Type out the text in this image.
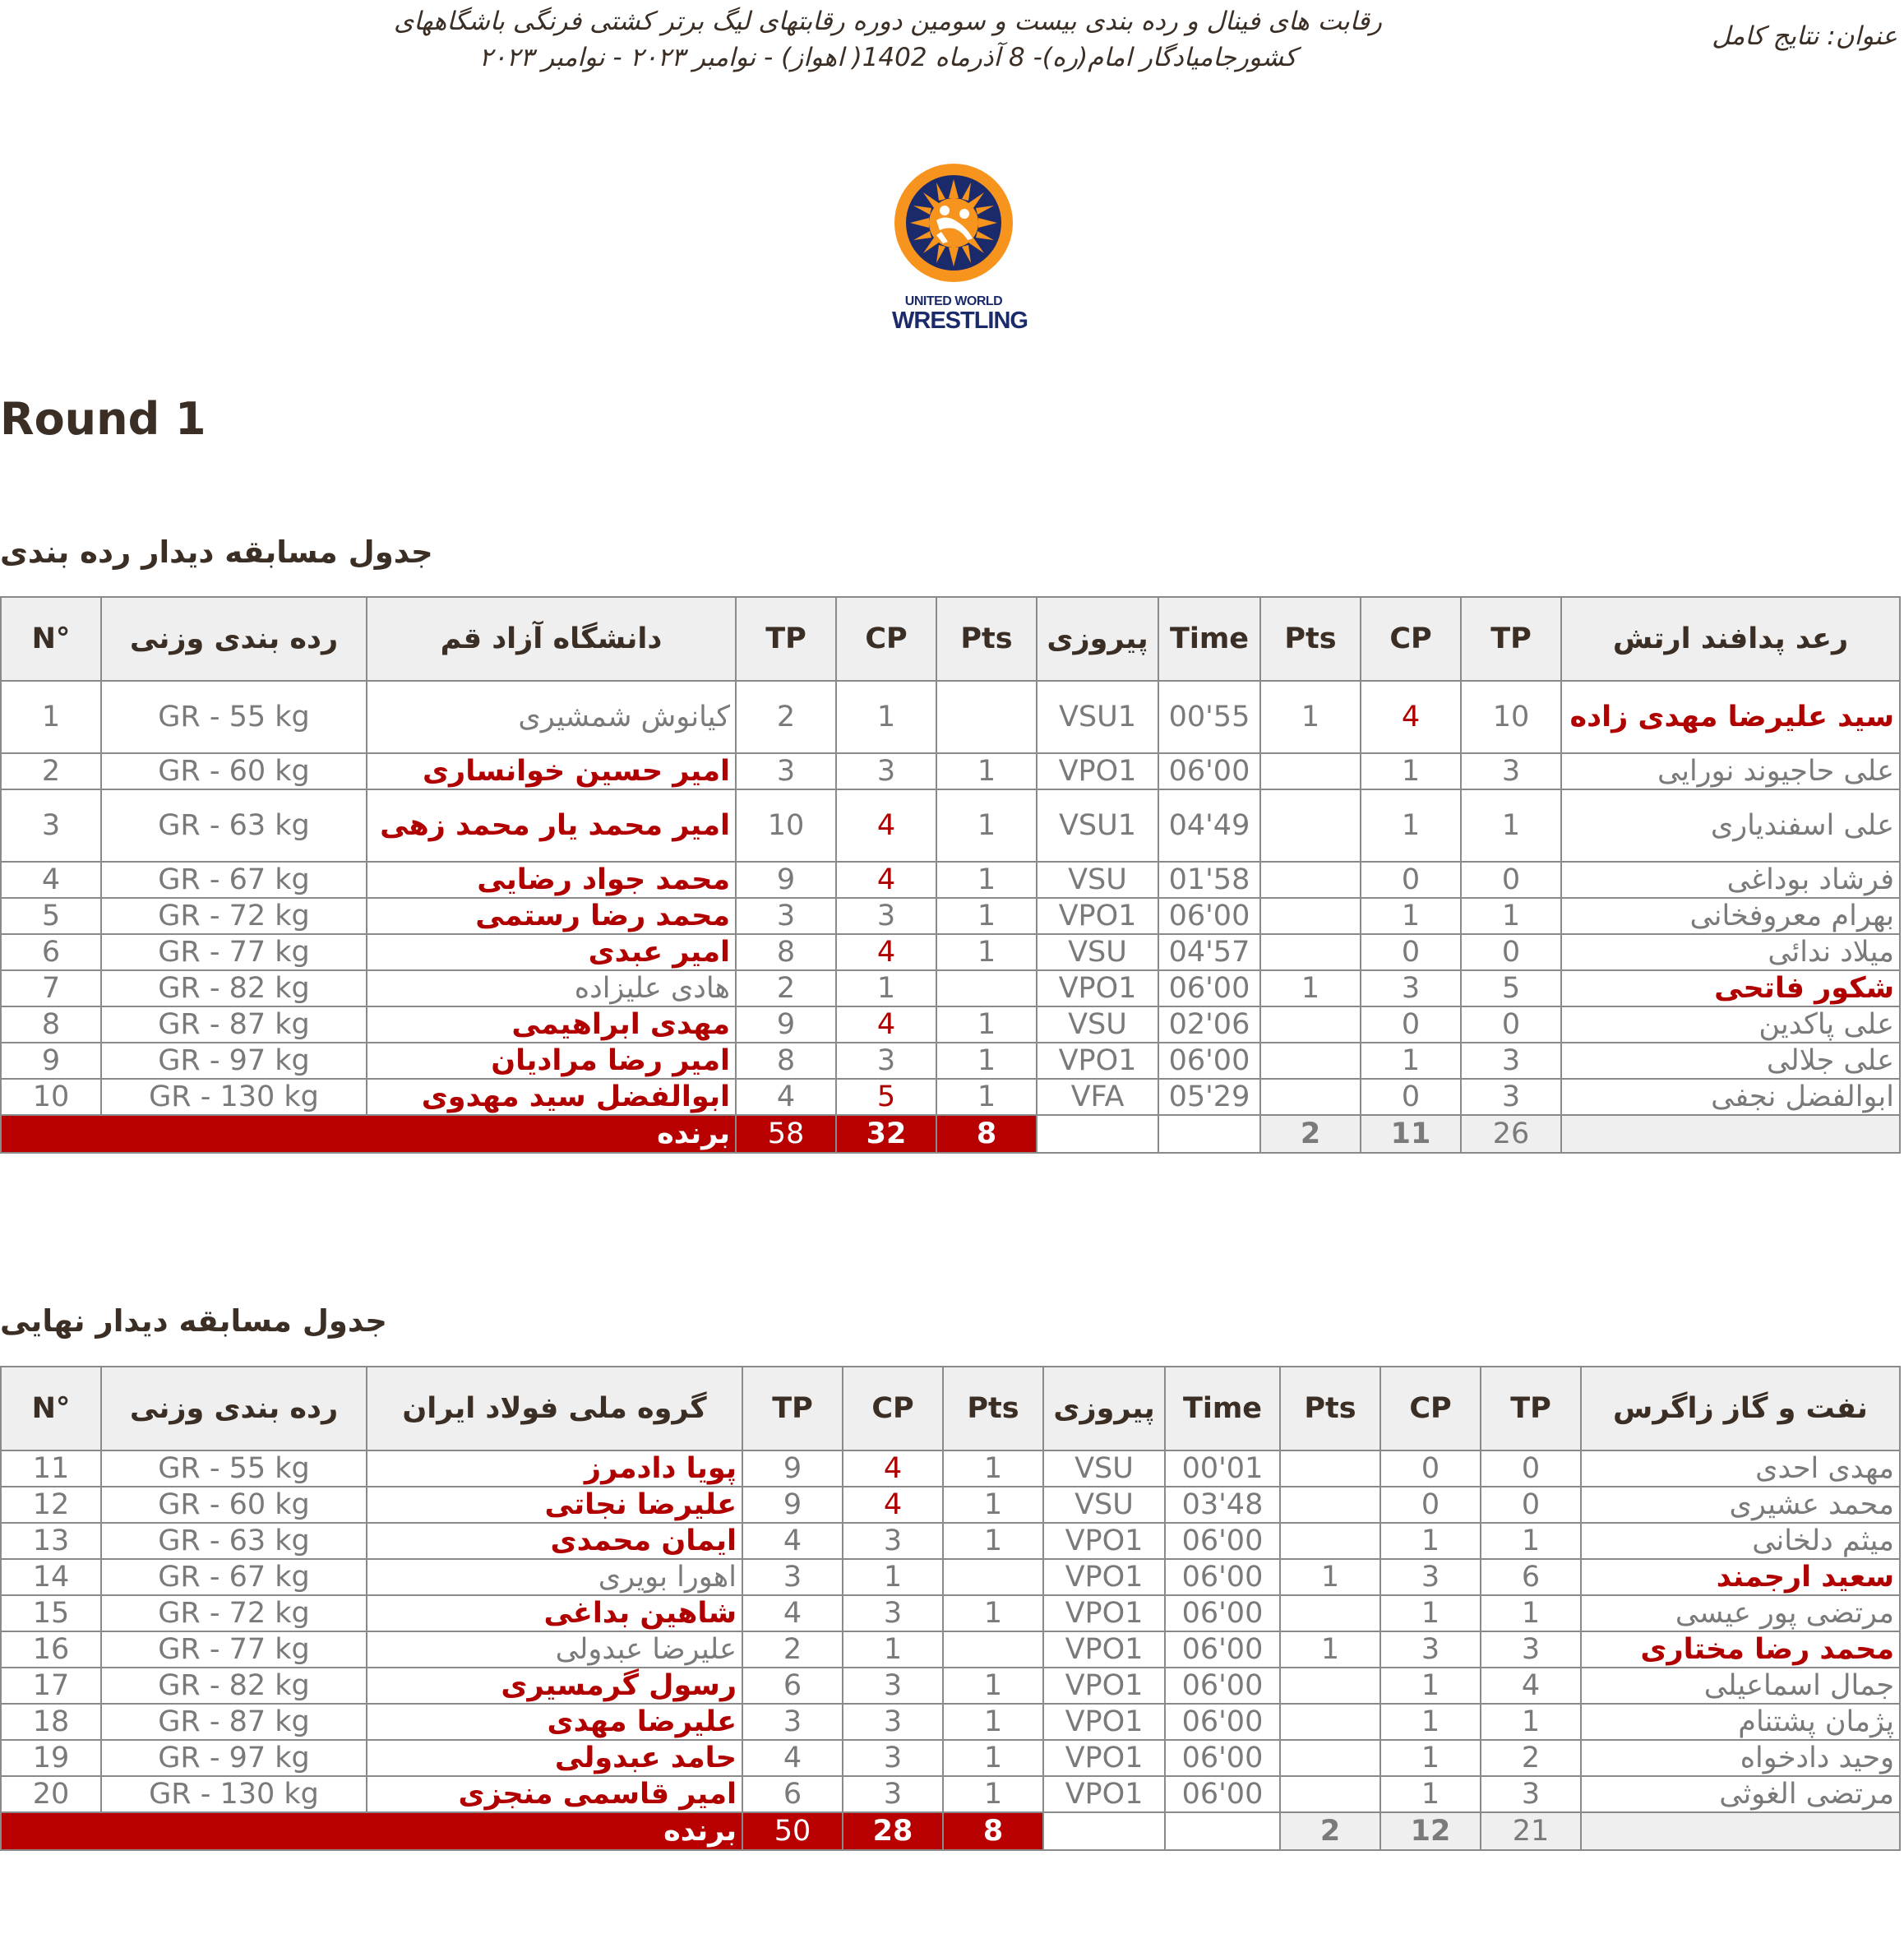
رقابت های فینال و رده بندی بیست و سومین دوره رقابتهای لیگ برتر کشتی فرنگی باشگاههای
کشورجامیادگار امام(ره)- 8 آذرماه 1402( اهواز) - نوامبر ۲۰۲۳ - نوامبر ۲۰۲۳
عنوان: نتایج کامل
UNITED WORLD
WRESTLING
Round 1
جدول مسابقه دیدار رده بندی
N°	رده بندی وزنی	دانشگاه آزاد قم	TP	CP	Pts	پیروزی	Time	Pts	CP	TP	رعد پدافند ارتش
1	GR - 55 kg	کیانوش شمشیری	2	1		VSU1	00'55	1	4	10	سید علیرضا مهدی زاده
2	GR - 60 kg	امیر حسین خوانساری	3	3	1	VPO1	06'00		1	3	علی حاجیوند نورایی
3	GR - 63 kg	امیر محمد یار محمد زهی	10	4	1	VSU1	04'49		1	1	علی اسفندیاری
4	GR - 67 kg	محمد جواد رضایی	9	4	1	VSU	01'58		0	0	فرشاد بوداغی
5	GR - 72 kg	محمد رضا رستمی	3	3	1	VPO1	06'00		1	1	بهرام معروفخانی
6	GR - 77 kg	امیر عبدی	8	4	1	VSU	04'57		0	0	میلاد ندائی
7	GR - 82 kg	هادی علیزاده	2	1		VPO1	06'00	1	3	5	شکور فاتحی
8	GR - 87 kg	مهدی ابراهیمی	9	4	1	VSU	02'06		0	0	علی پاکدین
9	GR - 97 kg	امیر رضا مرادیان	8	3	1	VPO1	06'00		1	3	علی جلالی
10	GR - 130 kg	ابوالفضل سید مهدوی	4	5	1	VFA	05'29		0	3	ابوالفضل نجفی
برنده			58	32	8			2	11	26	
جدول مسابقه دیدار نهایی
N°	رده بندی وزنی	گروه ملی فولاد ایران	TP	CP	Pts	پیروزی	Time	Pts	CP	TP	نفت و گاز زاگرس
11	GR - 55 kg	پویا دادمرز	9	4	1	VSU	00'01		0	0	مهدی احدی
12	GR - 60 kg	علیرضا نجاتی	9	4	1	VSU	03'48		0	0	محمد عشیری
13	GR - 63 kg	ایمان محمدی	4	3	1	VPO1	06'00		1	1	میثم دلخانی
14	GR - 67 kg	اهورا بویری	3	1		VPO1	06'00	1	3	6	سعید ارجمند
15	GR - 72 kg	شاهین بداغی	4	3	1	VPO1	06'00		1	1	مرتضی پور عیسی
16	GR - 77 kg	علیرضا عبدولی	2	1		VPO1	06'00	1	3	3	محمد رضا مختاری
17	GR - 82 kg	رسول گرمسیری	6	3	1	VPO1	06'00		1	4	جمال اسماعیلی
18	GR - 87 kg	علیرضا مهدی	3	3	1	VPO1	06'00		1	1	پژمان پشتنام
19	GR - 97 kg	حامد عبدولی	4	3	1	VPO1	06'00		1	2	وحید دادخواه
20	GR - 130 kg	امیر قاسمی منجزی	6	3	1	VPO1	06'00		1	3	مرتضی الغوثی
برنده			50	28	8			2	12	21	
